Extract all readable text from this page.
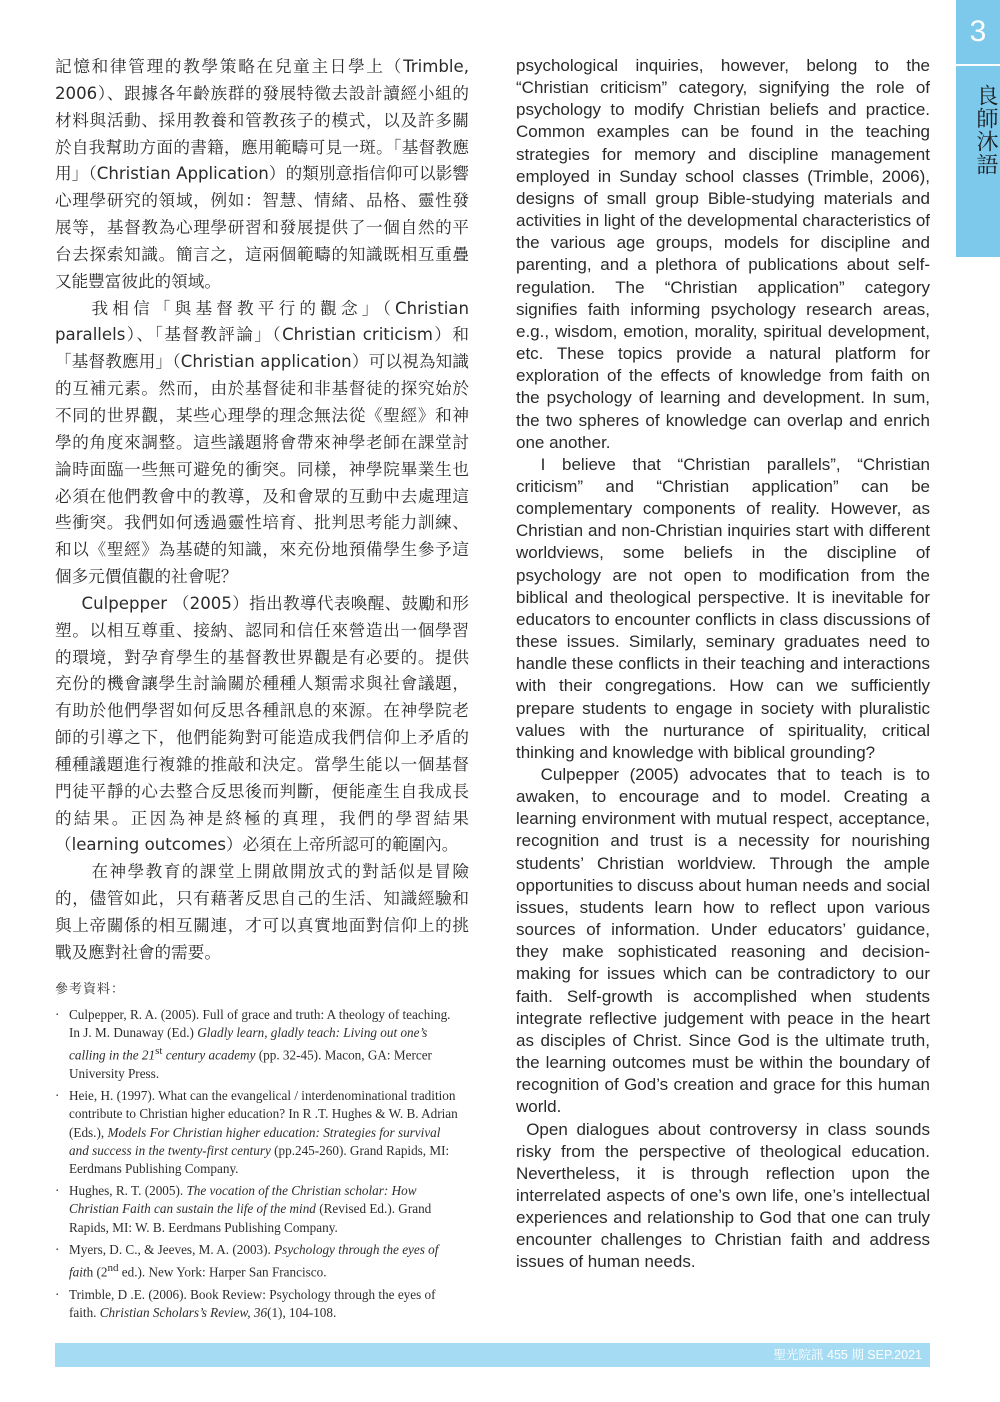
3
良師沐語

記憶和律管理的教學策略在兒童主日學上（Trimble, 2006）、跟據各年齡族群的發展特徵去設計讀經小組的材料與活動、採用教養和管教孩子的模式，以及許多關於自我幫助方面的書籍，應用範疇可見一斑。「基督教應用」（Christian Application）的類別意指信仰可以影響心理學研究的領域，例如：智慧、情緒、品格、靈性發展等，基督教為心理學研習和發展提供了一個自然的平台去探索知識。簡言之，這兩個範疇的知識既相互重疊又能豐富彼此的領域。

我相信「與基督教平行的觀念」（Christian parallels）、「基督教評論」（Christian criticism）和「基督教應用」（Christian application）可以視為知識的互補元素。然而，由於基督徒和非基督徒的探究始於不同的世界觀，某些心理學的理念無法從《聖經》和神學的角度來調整。這些議題將會帶來神學老師在課堂討論時面臨一些無可避免的衝突。同樣，神學院畢業生也必須在他們教會中的教導，及和會眾的互動中去處理這些衝突。我們如何透過靈性培育、批判思考能力訓練、和以《聖經》為基礎的知識，來充份地預備學生參予這個多元價值觀的社會呢？

Culpepper （2005）指出教導代表喚醒、鼓勵和形塑。以相互尊重、接納、認同和信任來營造出一個學習的環境，對孕育學生的基督教世界觀是有必要的。提供充份的機會讓學生討論關於種種人類需求與社會議題，有助於他們學習如何反思各種訊息的來源。在神學院老師的引導之下，他們能夠對可能造成我們信仰上矛盾的種種議題進行複雜的推敲和決定。當學生能以一個基督門徒平靜的心去整合反思後而判斷，便能產生自我成長的結果。正因為神是終極的真理，我們的學習結果（learning outcomes）必須在上帝所認可的範圍內。

在神學教育的課堂上開啟開放式的對話似是冒險的，儘管如此，只有藉著反思自己的生活、知識經驗和與上帝關係的相互關連，才可以真實地面對信仰上的挑戰及應對社會的需要。

參考資料：
· Culpepper, R. A. (2005). Full of grace and truth: A theology of teaching. In J. M. Dunaway (Ed.) Gladly learn, gladly teach: Living out one’s calling in the 21st century academy (pp. 32-45). Macon, GA: Mercer University Press.
· Heie, H. (1997). What can the evangelical / interdenominational tradition contribute to Christian higher education? In R .T. Hughes & W. B. Adrian (Eds.), Models For Christian higher education: Strategies for survival and success in the twenty-first century (pp.245-260). Grand Rapids, MI: Eerdmans Publishing Company.
· Hughes, R. T. (2005). The vocation of the Christian scholar: How Christian Faith can sustain the life of the mind (Revised Ed.). Grand Rapids, MI: W. B. Eerdmans Publishing Company.
· Myers, D. C., & Jeeves, M. A. (2003). Psychology through the eyes of faith (2nd ed.). New York: Harper San Francisco.
· Trimble, D .E. (2006). Book Review: Psychology through the eyes of faith. Christian Scholars’s Review, 36(1), 104-108.

psychological inquiries, however, belong to the “Christian criticism” category, signifying the role of psychology to modify Christian beliefs and practice. Common examples can be found in the teaching strategies for memory and discipline management employed in Sunday school classes (Trimble, 2006), designs of small group Bible-studying materials and activities in light of the developmental characteristics of the various age groups, models for discipline and parenting, and a plethora of publications about self-regulation. The “Christian application” category signifies faith informing psychology research areas, e.g., wisdom, emotion, morality, spiritual development, etc. These topics provide a natural platform for exploration of the effects of knowledge from faith on the psychology of learning and development. In sum, the two spheres of knowledge can overlap and enrich one another.

I believe that “Christian parallels”, “Christian criticism” and “Christian application” can be complementary components of reality. However, as Christian and non-Christian inquiries start with different worldviews, some beliefs in the discipline of psychology are not open to modification from the biblical and theological perspective. It is inevitable for educators to encounter conflicts in class discussions of these issues. Similarly, seminary graduates need to handle these conflicts in their teaching and interactions with their congregations. How can we sufficiently prepare students to engage in society with pluralistic values with the nurturance of spirituality, critical thinking and knowledge with biblical grounding?

Culpepper (2005) advocates that to teach is to awaken, to encourage and to model. Creating a learning environment with mutual respect, acceptance, recognition and trust is a necessity for nourishing students’ Christian worldview. Through the ample opportunities to discuss about human needs and social issues, students learn how to reflect upon various sources of information. Under educators’ guidance, they make sophisticated reasoning and decision-making for issues which can be contradictory to our faith. Self-growth is accomplished when students integrate reflective judgement with peace in the heart as disciples of Christ. Since God is the ultimate truth, the learning outcomes must be within the boundary of recognition of God’s creation and grace for this human world.

Open dialogues about controversy in class sounds risky from the perspective of theological education. Nevertheless, it is through reflection upon the interrelated aspects of one’s own life, one’s intellectual experiences and relationship to God that one can truly encounter challenges to Christian faith and address issues of human needs.

聖光院訊 455 期 SEP.2021
